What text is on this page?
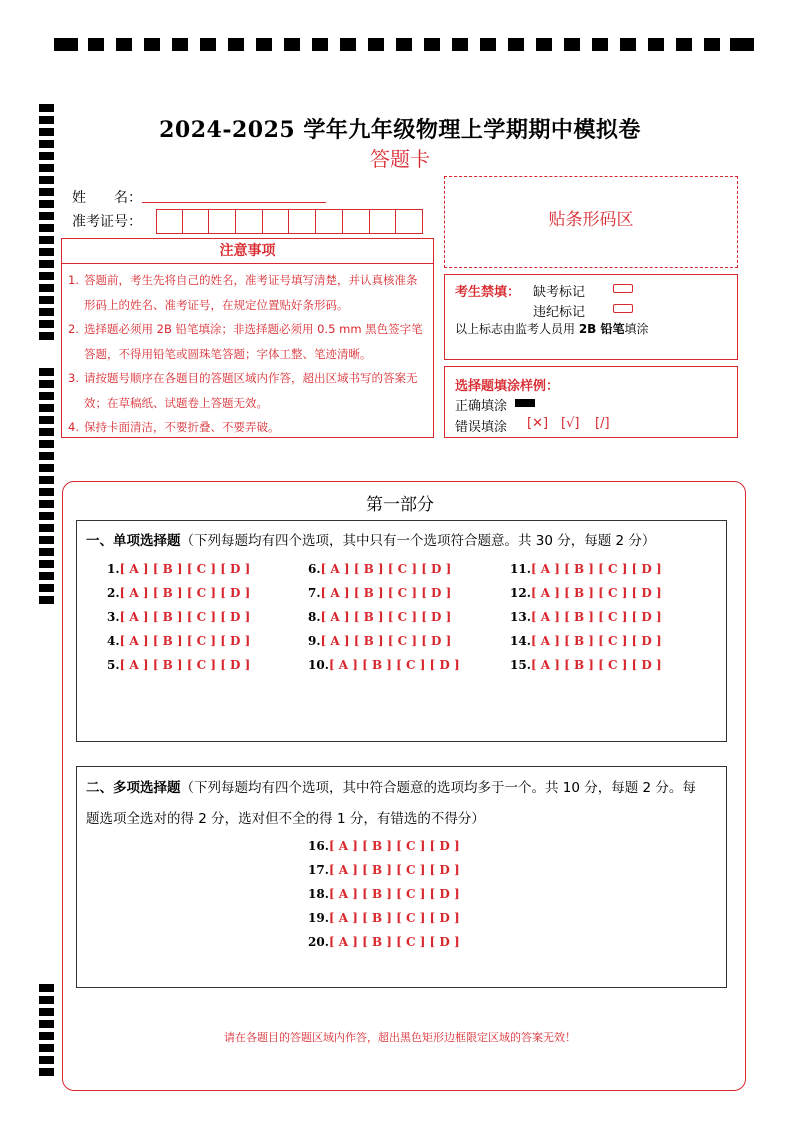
2024-2025 学年九年级物理上学期期中模拟卷
答题卡
姓　　名：
准考证号：
注意事项

1. 答题前，考生先将自己的姓名，准考证号填写清楚，并认真核准条形码上的姓名、准考证号，在规定位置贴好条形码。

2. 选择题必须用 2B 铅笔填涂；非选择题必须用 0.5 mm 黑色签字笔答题，不得用铅笔或圆珠笔答题；字体工整、笔迹清晰。

3. 请按题号顺序在各题目的答题区域内作答，超出区域书写的答案无效；在草稿纸、试题卷上答题无效。

4. 保持卡面清洁，不要折叠、不要弄破。

贴条形码区
考生禁填： 缺考标记
违纪标记
以上标志由监考人员用 2B 铅笔填涂
选择题填涂样例：
正确填涂
错误填涂 [✕] [√] [/]
第一部分
一、单项选择题（下列每题均有四个选项，其中只有一个选项符合题意。共 30 分，每题 2 分）
1.[ A ] [ B ] [ C ] [ D ]
2.[ A ] [ B ] [ C ] [ D ]
3.[ A ] [ B ] [ C ] [ D ]
4.[ A ] [ B ] [ C ] [ D ]
5.[ A ] [ B ] [ C ] [ D ]
6.[ A ] [ B ] [ C ] [ D ]
7.[ A ] [ B ] [ C ] [ D ]
8.[ A ] [ B ] [ C ] [ D ]
9.[ A ] [ B ] [ C ] [ D ]
10.[ A ] [ B ] [ C ] [ D ]
11.[ A ] [ B ] [ C ] [ D ]
12.[ A ] [ B ] [ C ] [ D ]
13.[ A ] [ B ] [ C ] [ D ]
14.[ A ] [ B ] [ C ] [ D ]
15.[ A ] [ B ] [ C ] [ D ]
二、多项选择题（下列每题均有四个选项，其中符合题意的选项均多于一个。共 10 分，每题 2 分。每
题选项全选对的得 2 分，选对但不全的得 1 分，有错选的不得分）
16.[ A ] [ B ] [ C ] [ D ]
17.[ A ] [ B ] [ C ] [ D ]
18.[ A ] [ B ] [ C ] [ D ]
19.[ A ] [ B ] [ C ] [ D ]
20.[ A ] [ B ] [ C ] [ D ]
请在各题目的答题区域内作答，超出黑色矩形边框限定区域的答案无效！
